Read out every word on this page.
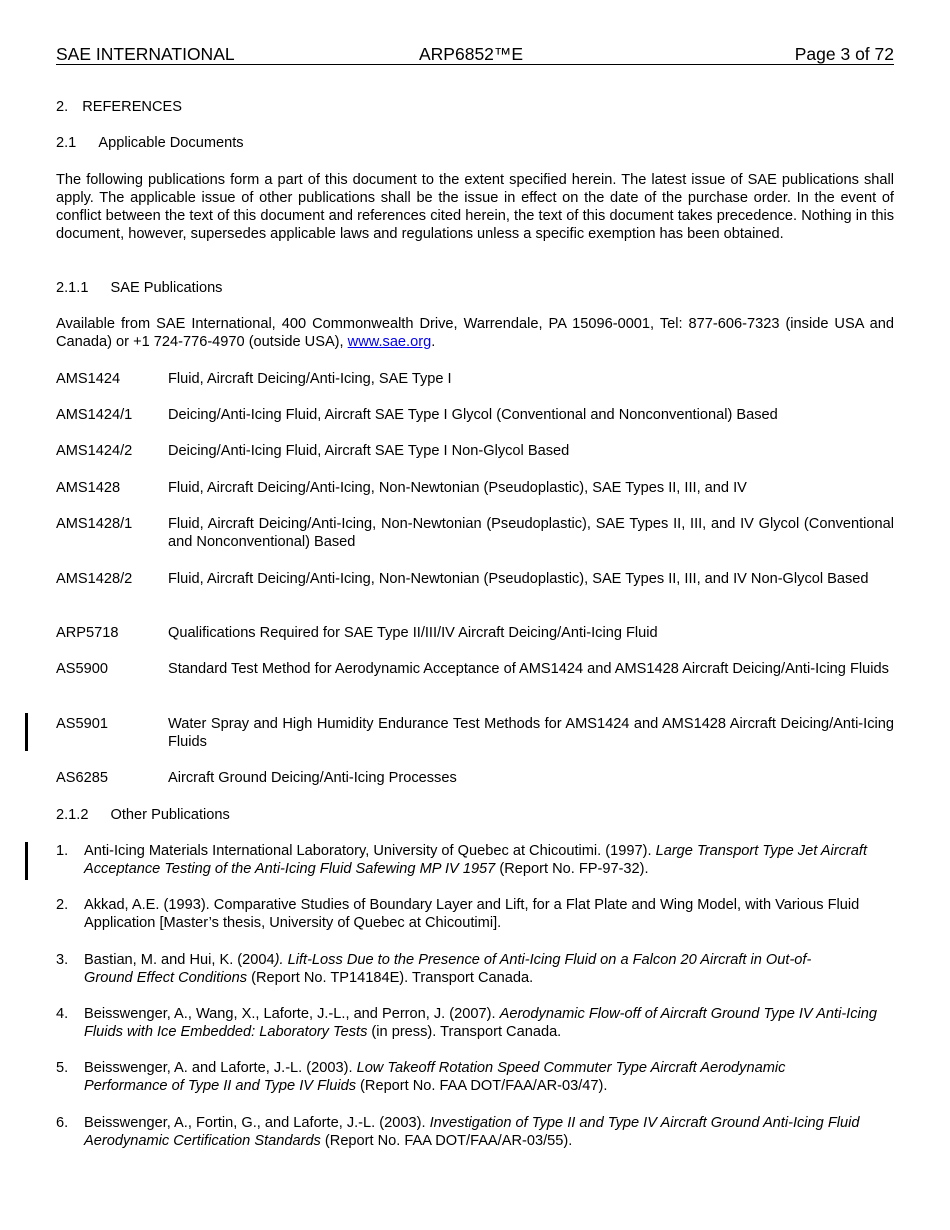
SAE INTERNATIONAL	ARP6852™E	Page 3 of 72
2. REFERENCES
2.1 Applicable Documents

The following publications form a part of this document to the extent specified herein. The latest issue of SAE publications shall apply. The applicable issue of other publications shall be the issue in effect on the date of the purchase order. In the event of conflict between the text of this document and references cited herein, the text of this document takes precedence. Nothing in this document, however, supersedes applicable laws and regulations unless a specific exemption has been obtained.

2.1.1 SAE Publications

Available from SAE International, 400 Commonwealth Drive, Warrendale, PA 15096-0001, Tel: 877-606-7323 (inside USA and Canada) or +1 724-776-4970 (outside USA), www.sae.org.

AMS1424	Fluid, Aircraft Deicing/Anti-Icing, SAE Type I
AMS1424/1	Deicing/Anti-Icing Fluid, Aircraft SAE Type I Glycol (Conventional and Nonconventional) Based
AMS1424/2	Deicing/Anti-Icing Fluid, Aircraft SAE Type I Non-Glycol Based
AMS1428	Fluid, Aircraft Deicing/Anti-Icing, Non-Newtonian (Pseudoplastic), SAE Types II, III, and IV
AMS1428/1	Fluid, Aircraft Deicing/Anti-Icing, Non-Newtonian (Pseudoplastic), SAE Types II, III, and IV Glycol (Conventional and Nonconventional) Based
AMS1428/2	Fluid, Aircraft Deicing/Anti-Icing, Non-Newtonian (Pseudoplastic), SAE Types II, III, and IV Non-Glycol Based
ARP5718	Qualifications Required for SAE Type II/III/IV Aircraft Deicing/Anti-Icing Fluid
AS5900	Standard Test Method for Aerodynamic Acceptance of AMS1424 and AMS1428 Aircraft Deicing/Anti-Icing Fluids
AS5901	Water Spray and High Humidity Endurance Test Methods for AMS1424 and AMS1428 Aircraft Deicing/Anti-Icing Fluids
AS6285	Aircraft Ground Deicing/Anti-Icing Processes
2.1.2 Other Publications
1.	Anti-Icing Materials International Laboratory, University of Quebec at Chicoutimi. (1997). Large Transport Type Jet Aircraft Acceptance Testing of the Anti-Icing Fluid Safewing MP IV 1957 (Report No. FP-97-32).
2.	Akkad, A.E. (1993). Comparative Studies of Boundary Layer and Lift, for a Flat Plate and Wing Model, with Various Fluid Application [Master’s thesis, University of Quebec at Chicoutimi].
3.	Bastian, M. and Hui, K. (2004). Lift-Loss Due to the Presence of Anti-Icing Fluid on a Falcon 20 Aircraft in Out-of-Ground Effect Conditions (Report No. TP14184E). Transport Canada.
4.	Beisswenger, A., Wang, X., Laforte, J.-L., and Perron, J. (2007). Aerodynamic Flow-off of Aircraft Ground Type IV Anti-Icing Fluids with Ice Embedded: Laboratory Tests (in press). Transport Canada.
5.	Beisswenger, A. and Laforte, J.-L. (2003). Low Takeoff Rotation Speed Commuter Type Aircraft Aerodynamic Performance of Type II and Type IV Fluids (Report No. FAA DOT/FAA/AR-03/47).
6.	Beisswenger, A., Fortin, G., and Laforte, J.-L. (2003). Investigation of Type II and Type IV Aircraft Ground Anti-Icing Fluid Aerodynamic Certification Standards (Report No. FAA DOT/FAA/AR-03/55).
